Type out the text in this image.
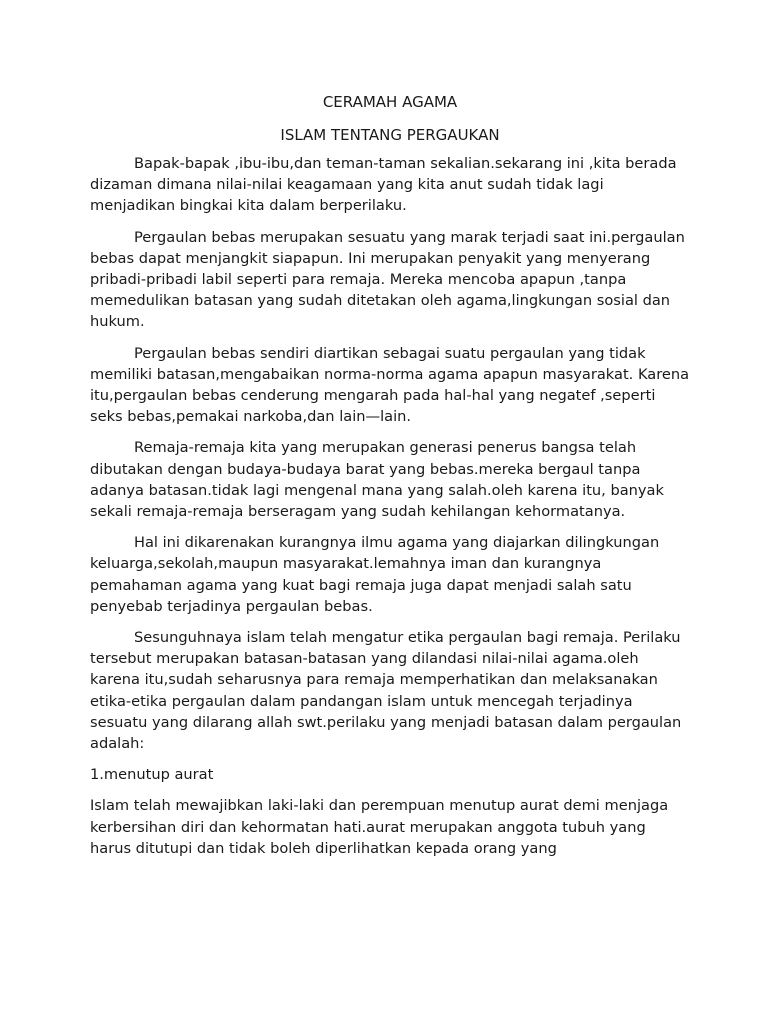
CERAMAH AGAMA
ISLAM TENTANG PERGAUKAN

Bapak-bapak ,ibu-ibu,dan teman-taman sekalian.sekarang ini ,kita berada dizaman dimana nilai-nilai keagamaan yang kita anut sudah tidak lagi menjadikan bingkai kita dalam berperilaku.

Pergaulan bebas merupakan sesuatu yang marak terjadi saat ini.pergaulan bebas dapat menjangkit siapapun. Ini merupakan penyakit yang menyerang pribadi-pribadi labil seperti para remaja. Mereka mencoba apapun ,tanpa memedulikan batasan yang sudah ditetakan oleh agama,lingkungan sosial dan hukum.

Pergaulan bebas sendiri diartikan sebagai suatu pergaulan yang tidak memiliki batasan,mengabaikan norma-norma agama apapun masyarakat. Karena itu,pergaulan bebas cenderung mengarah pada hal-hal yang negatef ,seperti seks bebas,pemakai narkoba,dan lain—lain.

Remaja-remaja kita yang merupakan generasi penerus bangsa telah dibutakan dengan budaya-budaya barat yang bebas.mereka bergaul tanpa adanya batasan.tidak lagi mengenal mana yang salah.oleh karena itu, banyak sekali remaja-remaja berseragam yang sudah kehilangan kehormatanya.

Hal ini dikarenakan kurangnya ilmu agama yang diajarkan dilingkungan keluarga,sekolah,maupun masyarakat.lemahnya iman dan kurangnya pemahaman agama yang kuat bagi remaja juga dapat menjadi salah satu penyebab terjadinya pergaulan bebas.

Sesunguhnaya islam telah mengatur etika pergaulan bagi remaja. Perilaku tersebut merupakan batasan-batasan yang dilandasi nilai-nilai agama.oleh karena itu,sudah seharusnya para remaja memperhatikan dan melaksanakan etika-etika pergaulan dalam pandangan islam untuk mencegah terjadinya sesuatu yang dilarang allah swt.perilaku yang menjadi batasan dalam pergaulan adalah:

1.menutup aurat

Islam telah mewajibkan laki-laki dan perempuan menutup aurat demi menjaga kerbersihan diri dan kehormatan hati.aurat merupakan anggota tubuh yang harus ditutupi dan tidak boleh diperlihatkan kepada orang yang
